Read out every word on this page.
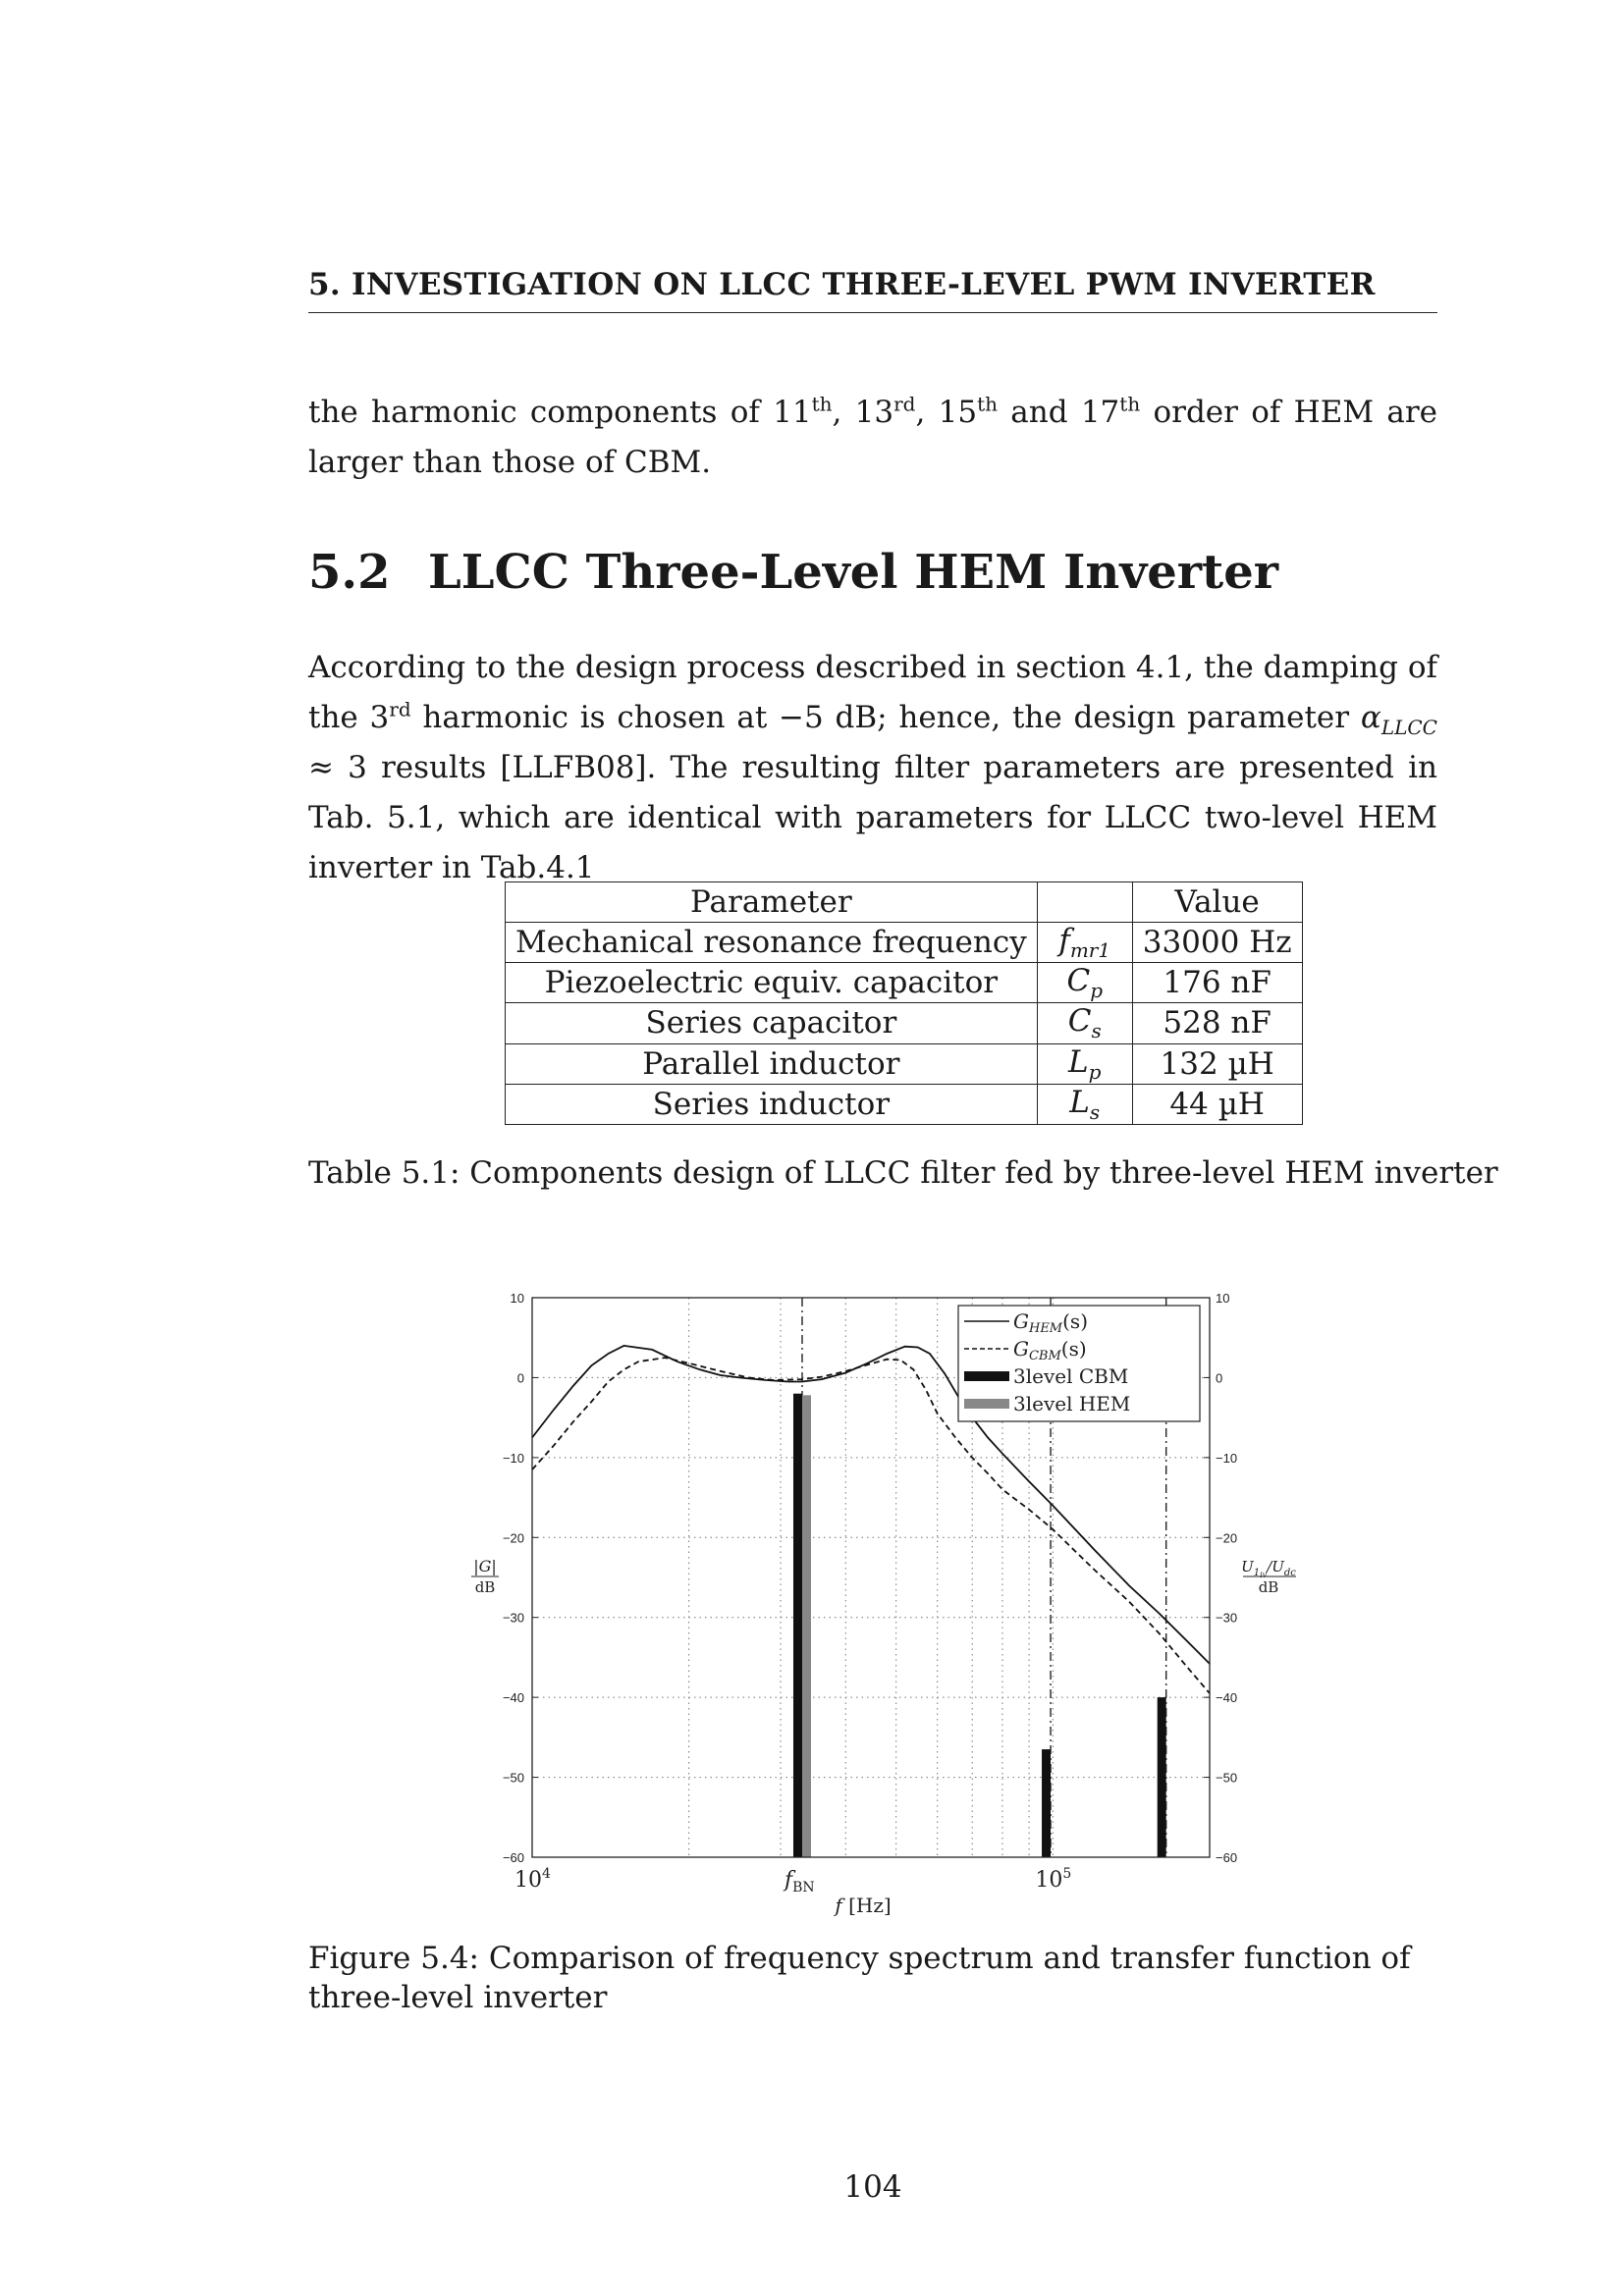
5. INVESTIGATION ON LLCC THREE-LEVEL PWM INVERTER
the harmonic components of 11th, 13rd, 15th and 17th order of HEM are larger than those of CBM.
5.2 LLCC Three-Level HEM Inverter
According to the design process described in section 4.1, the damping of the 3rd harmonic is chosen at −5 dB; hence, the design parameter $\alpha_{LLCC} \approx 3$ results [LLFB08]. The resulting filter parameters are presented in Tab. 5.1, which are identical with parameters for LLCC two-level HEM inverter in Tab.4.1
Parameter		Value
Mechanical resonance frequency	$f_{mr1}$	33000 Hz
Piezoelectric equiv. capacitor	$C_p$	176 nF
Series capacitor	$C_s$	528 nF
Parallel inductor	$L_p$	132 µH
Series inductor	$L_s$	44 µH
Table 5.1: Components design of LLCC filter fed by three-level HEM inverter
10	10
0	0
−10	−10
−20	−20
−30	−30
−40	−40
−50	−50
−60	−60
$10^4$	$f_{BN}$	$10^5$
f [Hz]
|G|
dB
$U_1iv/U_{dc}$
dB
$G_{HEM}(s)$
$G_{CBM}(s)$
3level CBM
3level HEM
Figure 5.4: Comparison of frequency spectrum and transfer function of three-level inverter
104
